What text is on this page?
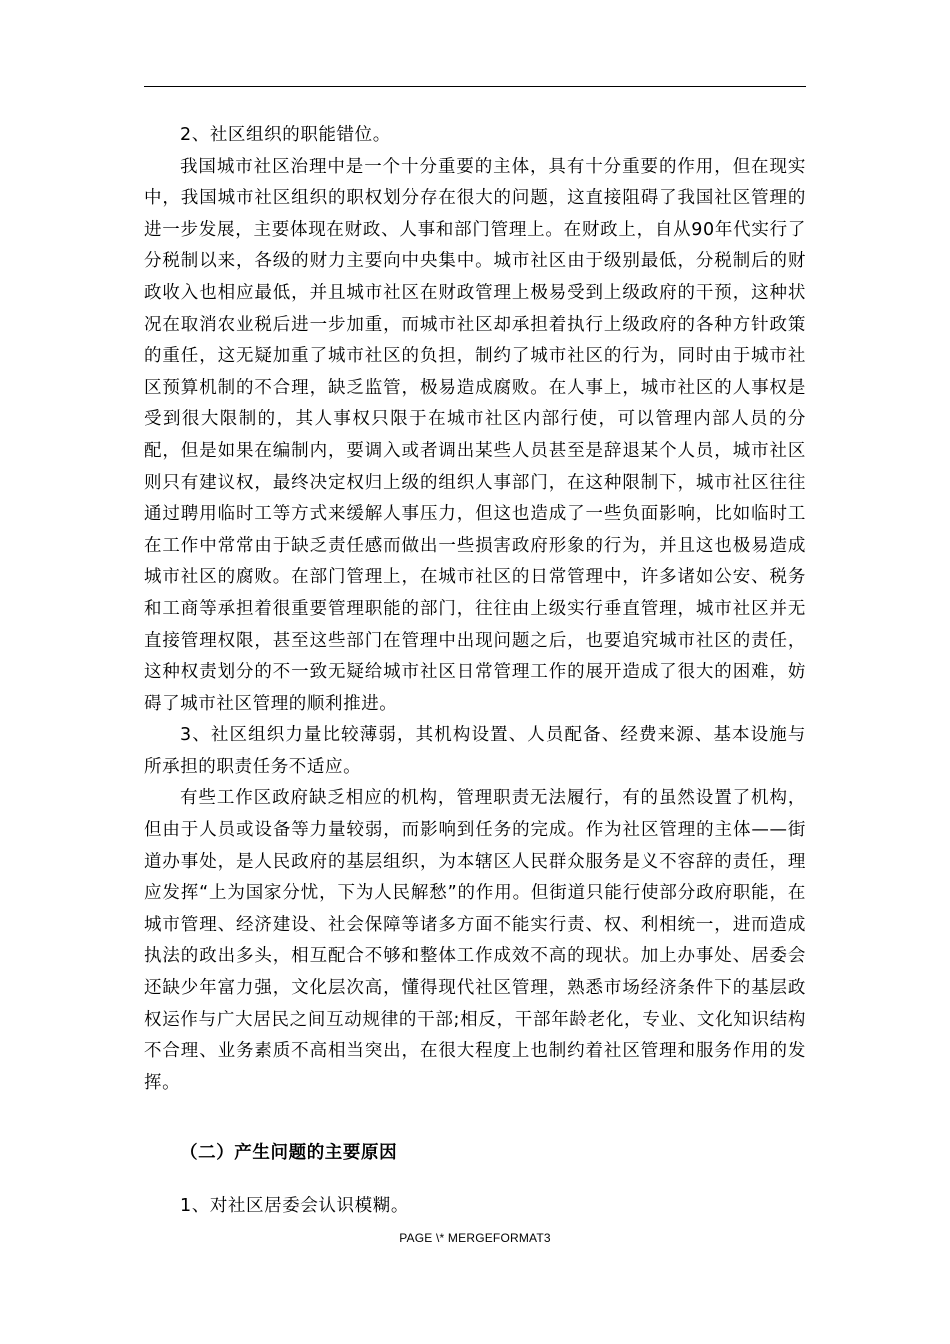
2、社区组织的职能错位。

我国城市社区治理中是一个十分重要的主体，具有十分重要的作用，但在现实中，我国城市社区组织的职权划分存在很大的问题，这直接阻碍了我国社区管理的进一步发展，主要体现在财政、人事和部门管理上。在财政上，自从90年代实行了分税制以来，各级的财力主要向中央集中。城市社区由于级别最低，分税制后的财政收入也相应最低，并且城市社区在财政管理上极易受到上级政府的干预，这种状况在取消农业税后进一步加重，而城市社区却承担着执行上级政府的各种方针政策的重任，这无疑加重了城市社区的负担，制约了城市社区的行为，同时由于城市社区预算机制的不合理，缺乏监管，极易造成腐败。在人事上，城市社区的人事权是受到很大限制的，其人事权只限于在城市社区内部行使，可以管理内部人员的分配，但是如果在编制内，要调入或者调出某些人员甚至是辞退某个人员，城市社区则只有建议权，最终决定权归上级的组织人事部门，在这种限制下，城市社区往往通过聘用临时工等方式来缓解人事压力，但这也造成了一些负面影响，比如临时工在工作中常常由于缺乏责任感而做出一些损害政府形象的行为，并且这也极易造成城市社区的腐败。在部门管理上，在城市社区的日常管理中，许多诸如公安、税务和工商等承担着很重要管理职能的部门，往往由上级实行垂直管理，城市社区并无直接管理权限，甚至这些部门在管理中出现问题之后，也要追究城市社区的责任，这种权责划分的不一致无疑给城市社区日常管理工作的展开造成了很大的困难，妨碍了城市社区管理的顺利推进。

3、社区组织力量比较薄弱，其机构设置、人员配备、经费来源、基本设施与所承担的职责任务不适应。

有些工作区政府缺乏相应的机构，管理职责无法履行，有的虽然设置了机构，但由于人员或设备等力量较弱，而影响到任务的完成。作为社区管理的主体——街道办事处，是人民政府的基层组织，为本辖区人民群众服务是义不容辞的责任，理应发挥“上为国家分忧，下为人民解愁”的作用。但街道只能行使部分政府职能，在城市管理、经济建设、社会保障等诸多方面不能实行责、权、利相统一，进而造成执法的政出多头，相互配合不够和整体工作成效不高的现状。加上办事处、居委会还缺少年富力强，文化层次高，懂得现代社区管理，熟悉市场经济条件下的基层政权运作与广大居民之间互动规律的干部;相反，干部年龄老化，专业、文化知识结构不合理、业务素质不高相当突出，在很大程度上也制约着社区管理和服务作用的发挥。

（二）产生问题的主要原因
1、对社区居委会认识模糊。
PAGE \* MERGEFORMAT3
